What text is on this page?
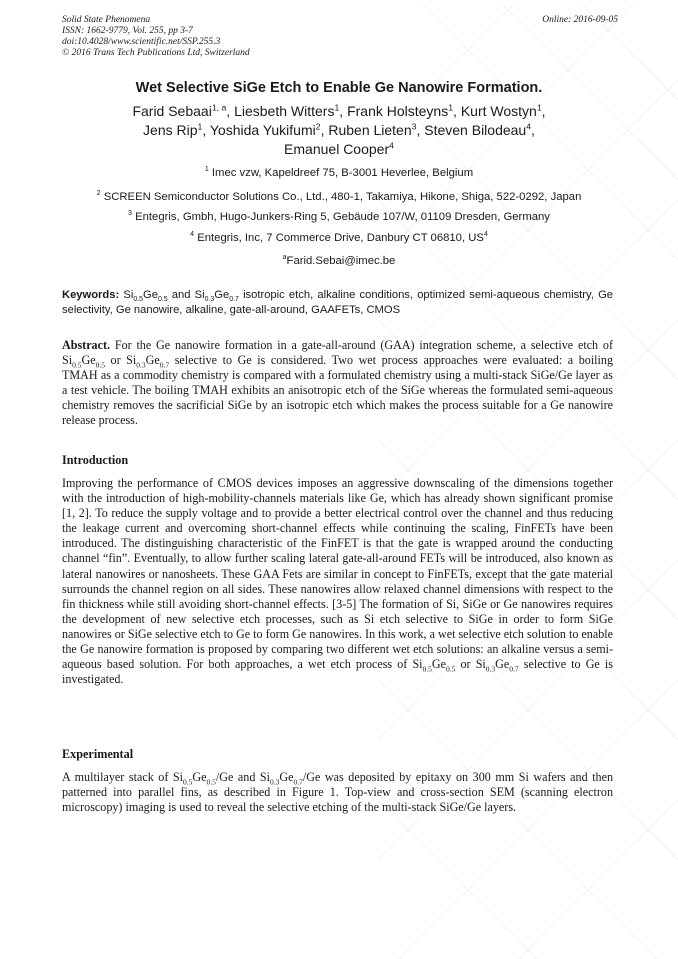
Solid State Phenomena
ISSN: 1662-9779, Vol. 255, pp 3-7
doi:10.4028/www.scientific.net/SSP.255.3
© 2016 Trans Tech Publications Ltd, Switzerland
Online: 2016-09-05
Wet Selective SiGe Etch to Enable Ge Nanowire Formation.
Farid Sebaai$^{1, a}$, Liesbeth Witters$^1$, Frank Holsteyns$^1$, Kurt Wostyn$^1$,
Jens Rip$^1$, Yoshida Yukifumi$^2$, Ruben Lieten$^3$, Steven Bilodeau$^4$,
Emanuel Cooper$^4$
$^1$ Imec vzw, Kapeldreef 75, B-3001 Heverlee, Belgium
$^2$ SCREEN Semiconductor Solutions Co., Ltd., 480-1, Takamiya, Hikone, Shiga, 522-0292, Japan
$^3$ Entegris, Gmbh, Hugo-Junkers-Ring 5, Gebäude 107/W, 01109 Dresden, Germany
$^4$ Entegris, Inc, 7 Commerce Drive, Danbury CT 06810, $US^4$
$^a$Farid.Sebai@imec.be
Keywords: $Si_{0.5}Ge_{0.5}$ and $Si_{0.3}Ge_{0.7}$ isotropic etch, alkaline conditions, optimized semi-aqueous chemistry, Ge selectivity, Ge nanowire, alkaline, gate-all-around, GAAFETs, CMOS
Abstract. For the Ge nanowire formation in a gate-all-around (GAA) integration scheme, a selective etch of $Si_{0.5}Ge_{0.5}$ or $Si_{0.3}Ge_{0.7}$ selective to Ge is considered. Two wet process approaches were evaluated: a boiling TMAH as a commodity chemistry is compared with a formulated chemistry using a multi-stack SiGe/Ge layer as a test vehicle. The boiling TMAH exhibits an anisotropic etch of the SiGe whereas the formulated semi-aqueous chemistry removes the sacrificial SiGe by an isotropic etch which makes the process suitable for a Ge nanowire release process.
Introduction
Improving the performance of CMOS devices imposes an aggressive downscaling of the dimensions together with the introduction of high-mobility-channels materials like Ge, which has already shown significant promise [1, 2]. To reduce the supply voltage and to provide a better electrical control over the channel and thus reducing the leakage current and overcoming short-channel effects while continuing the scaling, FinFETs have been introduced. The distinguishing characteristic of the FinFET is that the gate is wrapped around the conducting channel “fin”. Eventually, to allow further scaling lateral gate-all-around FETs will be introduced, also known as lateral nanowires or nanosheets. These GAA Fets are similar in concept to FinFETs, except that the gate material surrounds the channel region on all sides. These nanowires allow relaxed channel dimensions with respect to the fin thickness while still avoiding short-channel effects. [3-5] The formation of Si, SiGe or Ge nanowires requires the development of new selective etch processes, such as Si etch selective to SiGe in order to form SiGe nanowires or SiGe selective etch to Ge to form Ge nanowires. In this work, a wet selective etch solution to enable the Ge nanowire formation is proposed by comparing two different wet etch solutions: an alkaline versus a semi-aqueous based solution. For both approaches, a wet etch process of $Si_{0.5}Ge_{0.5}$ or $Si_{0.3}Ge_{0.7}$ selective to Ge is investigated.
Experimental
A multilayer stack of $Si_{0.5}Ge_{0.5}/Ge$ and $Si_{0.3}Ge_{0.7}/Ge$ was deposited by epitaxy on 300 mm Si wafers and then patterned into parallel fins, as described in Figure 1. Top-view and cross-section SEM (scanning electron microscopy) imaging is used to reveal the selective etching of the multi-stack SiGe/Ge layers.
